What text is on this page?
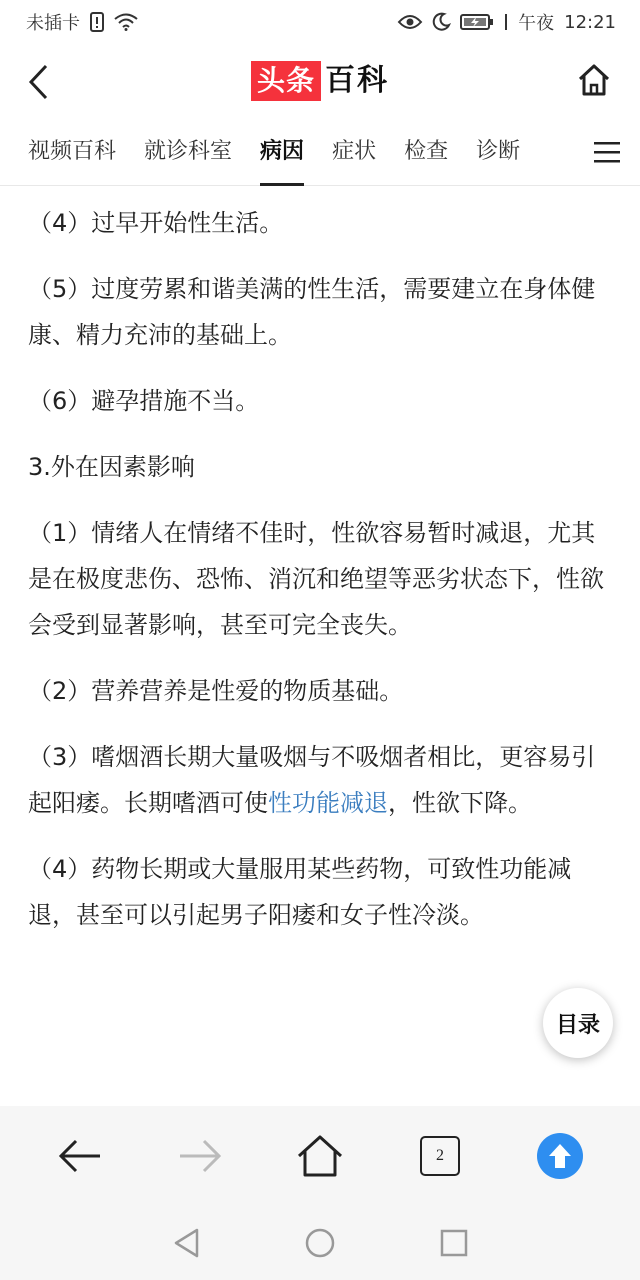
未插卡	午夜 12:21
头条 百科
视频百科 就诊科室 病因 症状 检查 诊断

（4）过早开始性生活。

（5）过度劳累和谐美满的性生活，需要建立在身体健康、精力充沛的基础上。

（6）避孕措施不当。

3.外在因素影响

（1）情绪人在情绪不佳时，性欲容易暂时减退，尤其是在极度悲伤、恐怖、消沉和绝望等恶劣状态下，性欲会受到显著影响，甚至可完全丧失。

（2）营养营养是性爱的物质基础。

（3）嗜烟酒长期大量吸烟与不吸烟者相比，更容易引起阳痿。长期嗜酒可使性功能减退，性欲下降。

（4）药物长期或大量服用某些药物，可致性功能减退，甚至可以引起男子阳痿和女子性冷淡。

目录
2
